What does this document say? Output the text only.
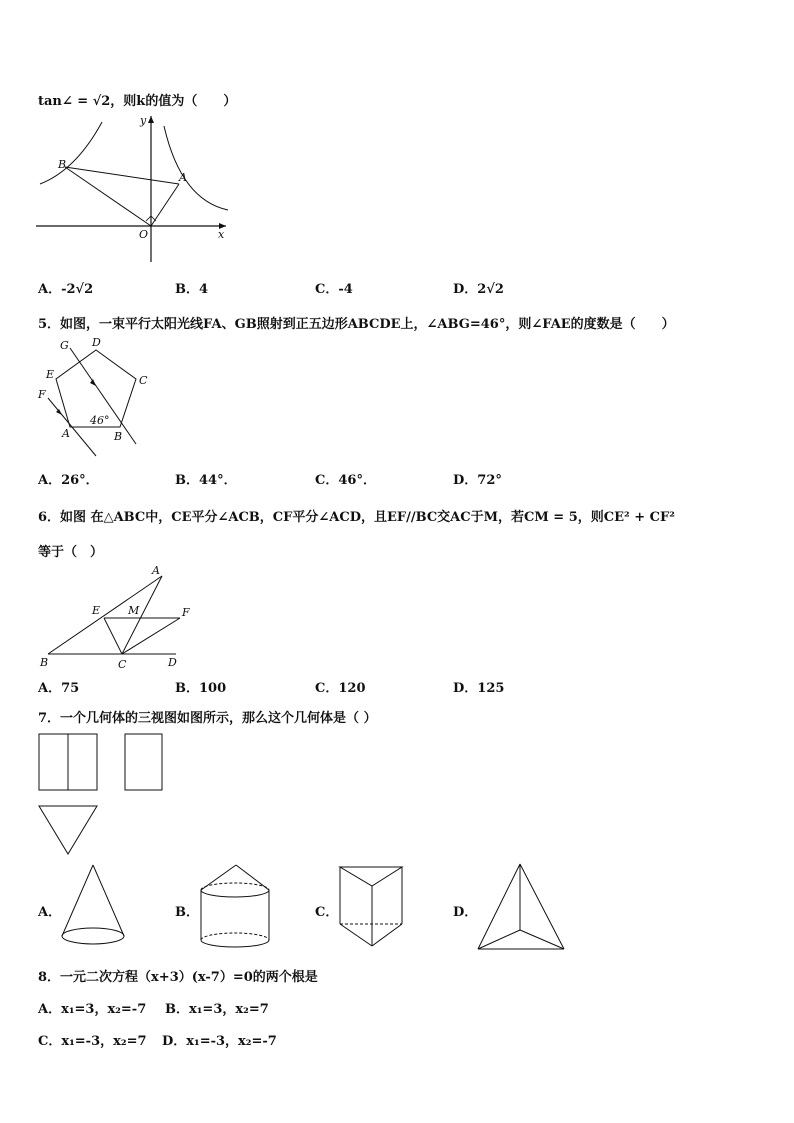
tan∠ = √2，则k的值为（　　）
x
y
O
B
A
A．-2√2	B．4	C．-4	D．2√2
5．如图，一束平行太阳光线FA、GB照射到正五边形ABCDE上，∠ABG=46°，则∠FAE的度数是（　　）
G D
C
E
F
A	B
46°
A．26°．	B．44°．	C．46°．	D．72°
6．如图 在△ABC中，CE平分∠ACB，CF平分∠ACD，且EF//BC交AC于M，若CM = 5，则CE² + CF²
等于（　）
A
E	M	F
B	C	D
A．75	B．100	C．120	D．125
7．一个几何体的三视图如图所示，那么这个几何体是（ ）
A．	B．	C．	D．
8．一元二次方程（x+3）(x-7）=0的两个根是
A．x₁=3，x₂=-7 B．x₁=3，x₂=7
C．x₁=-3，x₂=7 D．x₁=-3，x₂=-7
